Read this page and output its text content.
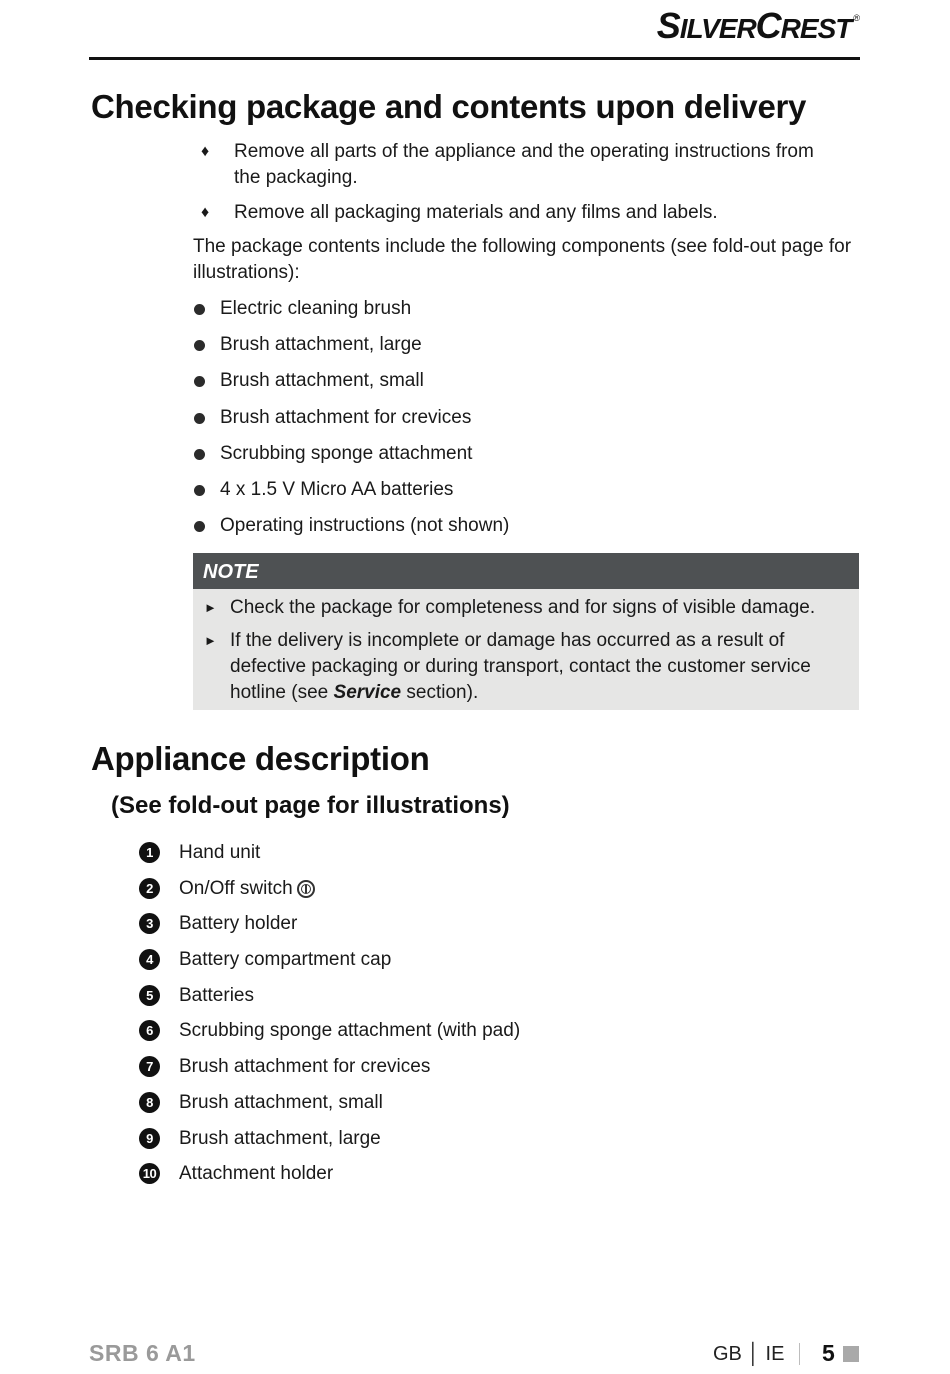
SILVERCREST ®
Checking package and contents upon delivery
♦ Remove all parts of the appliance and the operating instructions from the packaging.
♦ Remove all packaging materials and any films and labels.

The package contents include the following components (see fold-out page for illustrations):

Electric cleaning brush
Brush attachment, large
Brush attachment, small
Brush attachment for crevices
Scrubbing sponge attachment
4 x 1.5 V Micro AA batteries
Operating instructions (not shown)
NOTE
► Check the package for completeness and for signs of visible damage.
► If the delivery is incomplete or damage has occurred as a result of defective packaging or during transport, contact the customer service hotline (see Service section).
Appliance description
(See fold-out page for illustrations)
1	Hand unit
2	On/Off switch
3	Battery holder
4	Battery compartment cap
5	Batteries
6	Scrubbing sponge attachment (with pad)
7	Brush attachment for crevices
8	Brush attachment, small
9	Brush attachment, large
10 Attachment holder
SRB 6 A1	GB │ IE 5
